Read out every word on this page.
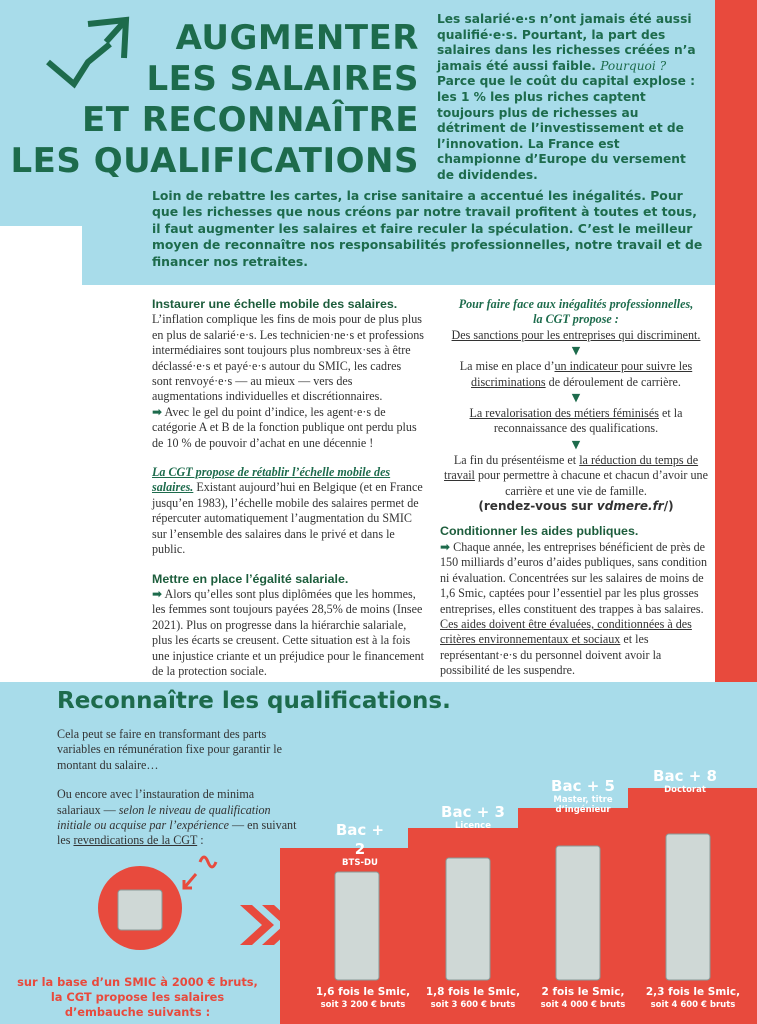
AUGMENTER
LES SALAIRES
ET RECONNAÎTRE
LES QUALIFICATIONS
Les salarié·e·s n’ont jamais été aussi qualifié·e·s. Pourtant, la part des salaires dans les richesses créées n’a jamais été aussi faible. Pourquoi ? Parce que le coût du capital explose : les 1 % les plus riches captent toujours plus de richesses au détriment de l’investissement et de l’innovation. La France est championne d’Europe du versement de dividendes.
Loin de rebattre les cartes, la crise sanitaire a accentué les inégalités. Pour que les richesses que nous créons par notre travail profitent à toutes et tous, il faut augmenter les salaires et faire reculer la spéculation. C’est le meilleur moyen de reconnaître nos responsabilités professionnelles, notre travail et de financer nos retraites.
Instaurer une échelle mobile des salaires.
L’inflation complique les fins de mois pour de plus plus en plus de salarié·e·s. Les technicien·ne·s et professions intermédiaires sont toujours plus nombreux·ses à être déclassé·e·s et payé·e·s autour du SMIC, les cadres sont renvoyé·e·s — au mieux — vers des augmentations individuelles et discrétionnaires.
➡ Avec le gel du point d’indice, les agent·e·s de catégorie A et B de la fonction publique ont perdu plus de 10 % de pouvoir d’achat en une décennie !
La CGT propose de rétablir l’échelle mobile des salaires. Existant aujourd’hui en Belgique (et en France jusqu’en 1983), l’échelle mobile des salaires permet de répercuter automatiquement l’augmentation du SMIC sur l’ensemble des salaires dans le privé et dans le public.
Mettre en place l’égalité salariale.
➡ Alors qu’elles sont plus diplômées que les hommes, les femmes sont toujours payées 28,5% de moins (Insee 2021). Plus on progresse dans la hiérarchie salariale, plus les écarts se creusent. Cette situation est à la fois une injustice criante et un préjudice pour le financement de la protection sociale.
Pour faire face aux inégalités professionnelles,
la CGT propose :
Des sanctions pour les entreprises qui discriminent.
▼
La mise en place d’un indicateur pour suivre les discriminations de déroulement de carrière.
▼
La revalorisation des métiers féminisés et la reconnaissance des qualifications.
▼
La fin du présentéisme et la réduction du temps de travail pour permettre à chacune et chacun d’avoir une carrière et une vie de famille.
(rendez-vous sur vdmere.fr/)
Conditionner les aides publiques.
➡ Chaque année, les entreprises bénéficient de près de 150 milliards d’euros d’aides publiques, sans condition ni évaluation. Concentrées sur les salaires de moins de 1,6 Smic, captées pour l’essentiel par les plus grosses entreprises, elles constituent des trappes à bas salaires.
Ces aides doivent être évaluées, conditionnées à des critères environnementaux et sociaux et les représentant·e·s du personnel doivent avoir la possibilité de les suspendre.
Reconnaître les qualifications.
Cela peut se faire en transformant des parts variables en rémunération fixe pour garantir le montant du salaire…
Ou encore avec l’instauration de minima salariaux — selon le niveau de qualification initiale ou acquise par l’expérience — en suivant les revendications de la CGT :
sur la base d’un SMIC à 2000 € bruts, la CGT propose les salaires d’embauche suivants :
Bac + 2
BTS-DU
Bac + 3
Licence
Bac + 5
Master, titre d’ingénieur
Bac + 8
Doctorat
1,6 fois le Smic,
soit 3 200 € bruts
1,8 fois le Smic,
soit 3 600 € bruts
2 fois le Smic,
soit 4 000 € bruts
2,3 fois le Smic,
soit 4 600 € bruts
